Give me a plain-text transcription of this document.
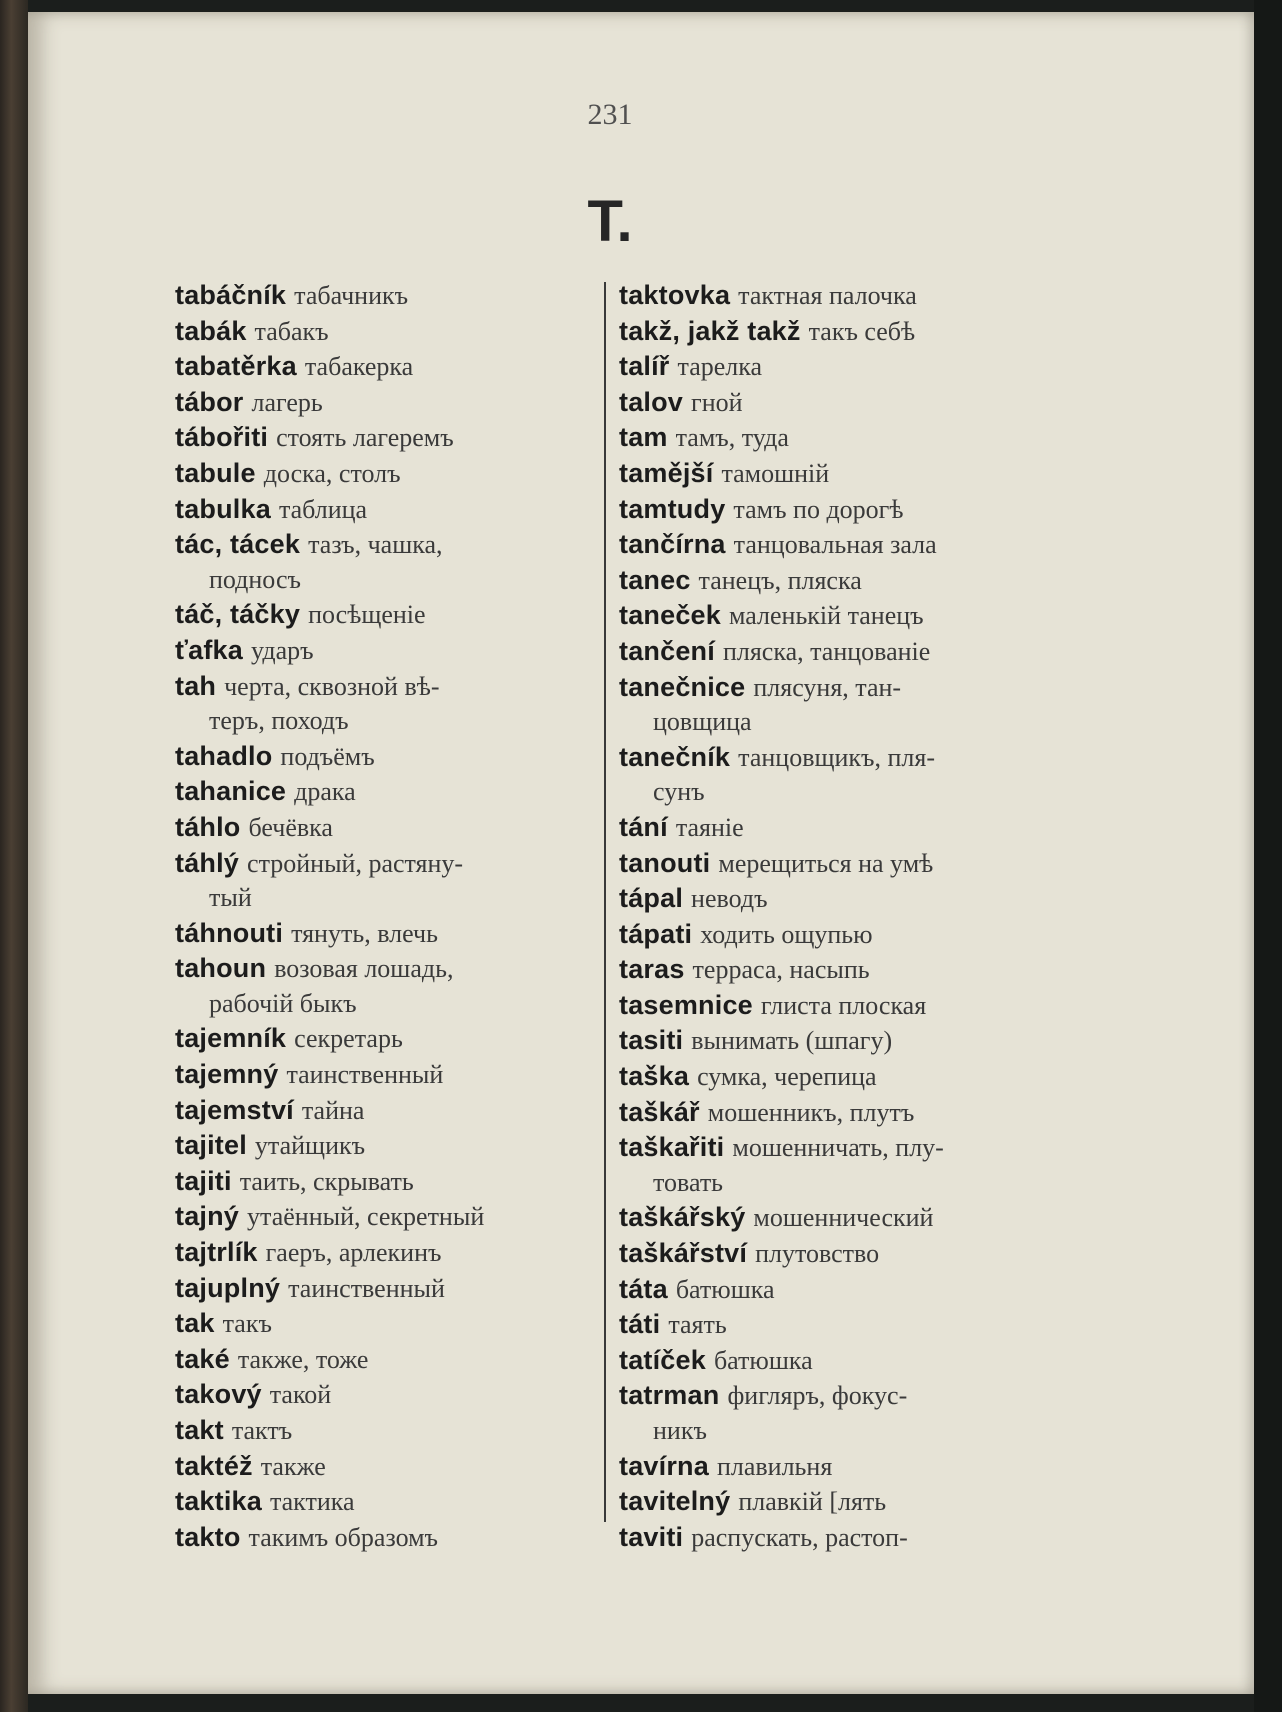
231
T.
tabáčník табачникъ
tabák табакъ
tabatěrka табакерка
tábor лагерь
tábořiti стоять лагеремъ
tabule доска, столъ
tabulka таблица
tác, tácek тазъ, чашка,
подносъ
táč, táčky посѣщеніе
ťafka ударъ
tah черта, сквозной вѣ-
теръ, походъ
tahadlo подъёмъ
tahanice драка
táhlo бечёвка
táhlý стройный, растяну-
тый
táhnouti тянуть, влечь
tahoun возовая лошадь,
рабочій быкъ
tajemník секретарь
tajemný таинственный
tajemství тайна
tajitel утайщикъ
tajiti таить, скрывать
tajný утаённый, секретный
tajtrlík гаеръ, арлекинъ
tajuplný таинственный
tak такъ
také также, тоже
takový такой
takt тактъ
taktéž также
taktika тактика
takto такимъ образомъ
taktovka тактная палочка
takž, jakž takž такъ себѣ
talíř тарелка
talov гной
tam тамъ, туда
tamější тамошній
tamtudy тамъ по дорогѣ
tančírna танцовальная зала
tanec танецъ, пляска
taneček маленькій танецъ
tančení пляска, танцованіе
tanečnice плясуня, тан-
цовщица
tanečník танцовщикъ, пля-
сунъ
tání таяніе
tanouti мерещиться на умѣ
tápal неводъ
tápati ходить ощупью
taras терраса, насыпь
tasemnice глиста плоская
tasiti вынимать (шпагу)
taška сумка, черепица
taškář мошенникъ, плутъ
taškařiti мошенничать, плу-
товать
taškářský мошеннический
taškářství плутовство
táta батюшка
táti таять
tatíček батюшка
tatrman фигляръ, фокус-
никъ
tavírna плавильня
tavitelný плавкій [лять
taviti распускать, растоп-
